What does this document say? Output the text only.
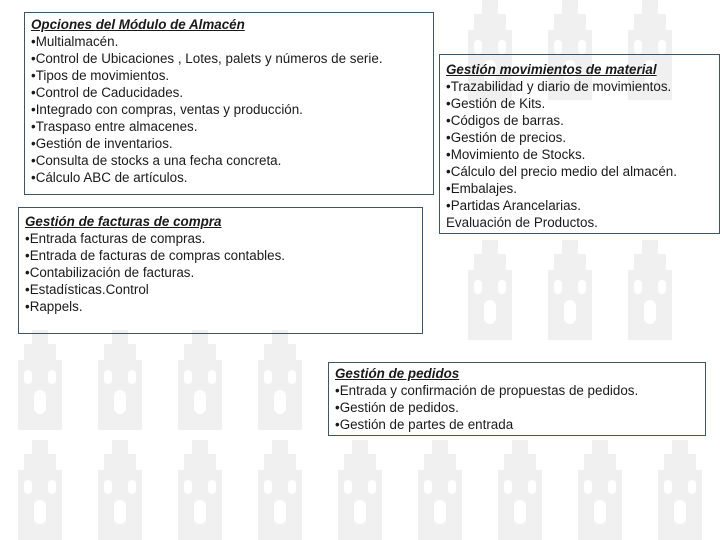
Opciones del Módulo de Almacén
•Multialmacén.
•Control de Ubicaciones , Lotes, palets y números de serie.
•Tipos de movimientos.
•Control de Caducidades.
•Integrado con compras, ventas y producción.
•Traspaso entre almacenes.
•Gestión de inventarios.
•Consulta de stocks a una fecha concreta.
•Cálculo ABC de artículos.
Gestión de facturas de compra
•Entrada facturas de compras.
•Entrada de facturas de compras contables.
•Contabilización de facturas.
•Estadísticas.Control
•Rappels.
Gestión movimientos de material
•Trazabilidad y diario de movimientos.
•Gestión de Kits.
•Códigos de barras.
•Gestión de precios.
•Movimiento de Stocks.
•Cálculo del precio medio del almacén.
•Embalajes.
•Partidas Arancelarias.
Evaluación de Productos.
Gestión de pedidos
•Entrada y confirmación de propuestas de pedidos.
•Gestión de pedidos.
•Gestión de partes de entrada
